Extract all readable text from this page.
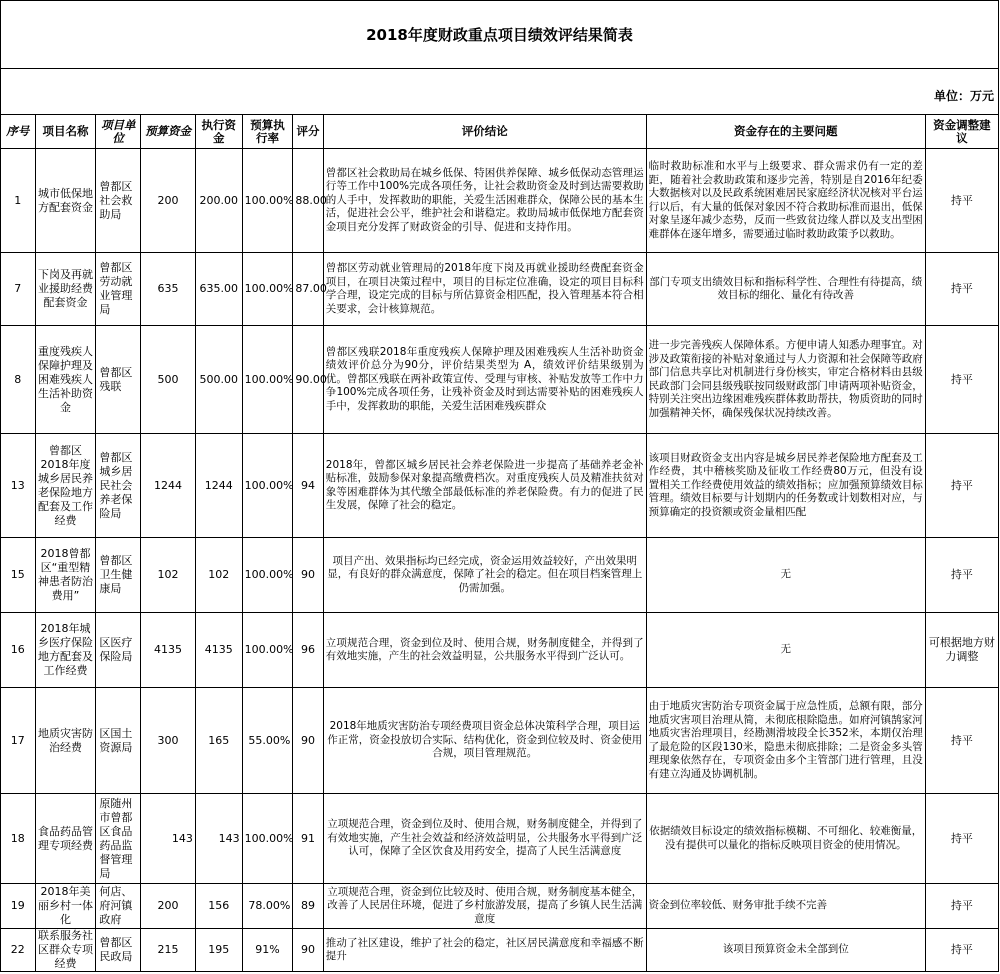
2018年度财政重点项目绩效评结果简表
单位：万元
序号	项目名称	项目单位	预算资金	执行资金	预算执行率	评分	评价结论	资金存在的主要问题	资金调整建议
1	城市低保地方配套资金	曾都区社会救助局	200	200.00	100.00%	88.00	曾都区社会救助局在城乡低保、特困供养保障、城乡低保动态管理运行等工作中100%完成各项任务，让社会救助资金及时到达需要救助的人手中，发挥救助的职能，关爱生活困难群众，保障公民的基本生活，促进社会公平，维护社会和谐稳定。救助局城市低保地方配套资金项目充分发挥了财政资金的引导、促进和支持作用。	临时救助标准和水平与上级要求、群众需求仍有一定的差距，随着社会救助政策和逐步完善，特别是自2016年纪委大数据核对以及民政系统困难居民家庭经济状况核对平台运行以后，有大量的低保对象因不符合救助标准而退出，低保对象呈逐年减少态势，反而一些致贫边缘人群以及支出型困难群体在逐年增多，需要通过临时救助政策予以救助。	持平
7	下岗及再就业援助经费配套资金	曾都区劳动就业管理局	635	635.00	100.00%	87.00	曾都区劳动就业管理局的2018年度下岗及再就业援助经费配套资金项目，在项目决策过程中，项目的目标定位准确，设定的项目目标科学合理，设定完成的目标与所估算资金相匹配，投入管理基本符合相关要求，会计核算规范。	部门专项支出绩效目标和指标科学性、合理性有待提高，绩效目标的细化、量化有待改善	持平
8	重度残疾人保障护理及困难残疾人生活补助资金	曾都区残联	500	500.00	100.00%	90.00	曾都区残联2018年重度残疾人保障护理及困难残疾人生活补助资金绩效评价总分为90分，评价结果类型为 A，绩效评价结果级别为优。曾都区残联在两补政策宣传、受理与审核、补贴发放等工作中力争100%完成各项任务，让残补资金及时到达需要补贴的困难残疾人手中，发挥救助的职能，关爱生活困难残疾群众	进一步完善残疾人保障体系。方便申请人知悉办理事宜。对涉及政策衔接的补贴对象通过与人力资源和社会保障等政府部门信息共享比对机制进行身份核实，审定合格材料由县级民政部门会同县级残联按同级财政部门申请两项补贴资金，特别关注突出边缘困难残疾群体救助帮扶，物质资助的同时加强精神关怀，确保残保状况持续改善。	持平
13	曾都区2018年度城乡居民养老保险地方配套及工作经费	曾都区城乡居民社会养老保险局	1244	1244	100.00%	94	2018年，曾都区城乡居民社会养老保险进一步提高了基础养老金补贴标准，鼓励参保对象提高缴费档次。对重度残疾人员及精准扶贫对象等困难群体为其代缴全部最低标准的养老保险费。有力的促进了民生发展，保障了社会的稳定。	该项目财政资金支出内容是城乡居民养老保险地方配套及工作经费，其中稽核奖励及征收工作经费80万元，但没有设置相关工作经费使用效益的绩效指标；应加强预算绩效目标管理。绩效目标要与计划期内的任务数或计划数相对应，与预算确定的投资额或资金量相匹配	持平
15	2018曾都区“重型精神患者防治费用”	曾都区卫生健康局	102	102	100.00%	90	项目产出、效果指标均已经完成，资金运用效益较好，产出效果明显，有良好的群众满意度，保障了社会的稳定。但在项目档案管理上仍需加强。	无	持平
16	2018年城乡医疗保险地方配套及工作经费	区医疗保险局	4135	4135	100.00%	96	立项规范合理，资金到位及时、使用合规，财务制度健全，并得到了有效地实施，产生的社会效益明显，公共服务水平得到广泛认可。	无	可根据地方财力调整
17	地质灾害防治经费	区国土资源局	300	165	55.00%	90	2018年地质灾害防治专项经费项目资金总体决策科学合理，项目运作正常，资金投放切合实际、结构优化，资金到位较及时、资金使用合规，项目管理规范。	由于地质灾害防治专项资金属于应急性质，总额有限，部分地质灾害项目治理从简，未彻底根除隐患。如府河镇鹄家河地质灾害治理项目，经勘测滑坡段全长352米，本期仅治理了最危险的区段130米，隐患未彻底排除；二是资金多头管理现象依然存在，专项资金由多个主管部门进行管理，且没有建立沟通及协调机制。	持平
18	食品药品管理专项经费	原随州市曾都区食品药品监督管理局	143	143	100.00%	91	立项规范合理，资金到位及时、使用合规，财务制度健全，并得到了有效地实施，产生社会效益和经济效益明显，公共服务水平得到广泛认可，保障了全区饮食及用药安全，提高了人民生活满意度	依据绩效目标设定的绩效指标模糊、不可细化、较难衡量，没有提供可以量化的指标反映项目资金的使用情况。	持平
19	2018年美丽乡村一体化	何店、府河镇政府	200	156	78.00%	89	立项规范合理，资金到位比较及时、使用合规，财务制度基本健全，改善了人民居住环境，促进了乡村旅游发展，提高了乡镇人民生活满意度	资金到位率较低、财务审批手续不完善	持平
22	联系服务社区群众专项经费	曾都区民政局	215	195	91%	90	推动了社区建设，维护了社会的稳定，社区居民满意度和幸福感不断提升	该项目预算资金未全部到位	持平
